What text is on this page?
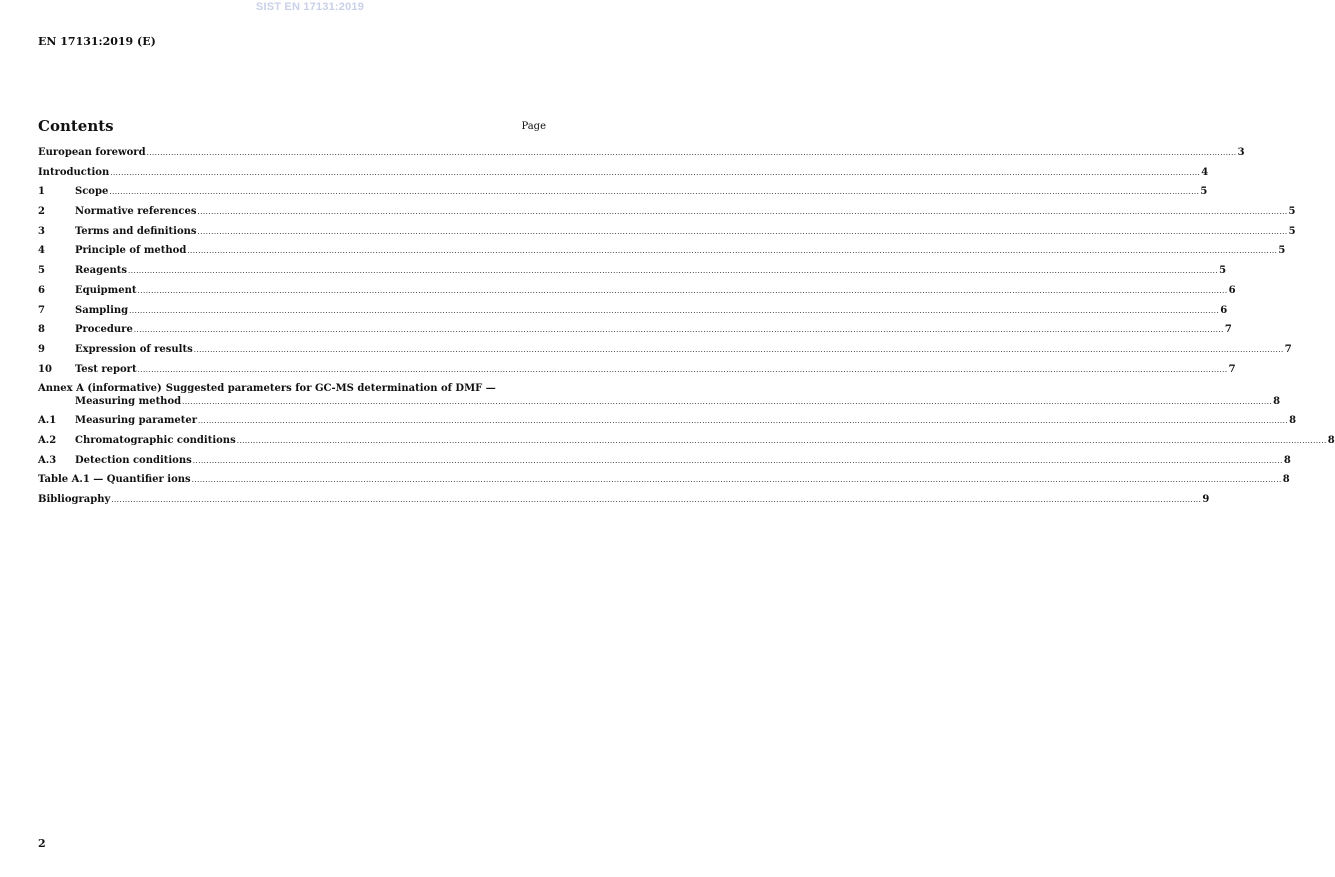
SIST EN 17131:2019
EN 17131:2019 (E)
Contents	Page
European foreword ................................................................................................................................................................................................................................................................................................................................................................................................................ 3
Introduction ................................................................................................................................................................................................................................................................................................................................................................................................................ 4
1	Scope ................................................................................................................................................................................................................................................................................................................................................................................................................ 5
2	Normative references ................................................................................................................................................................................................................................................................................................................................................................................................................ 5
3	Terms and definitions ................................................................................................................................................................................................................................................................................................................................................................................................................ 5
4	Principle of method ................................................................................................................................................................................................................................................................................................................................................................................................................ 5
5	Reagents ................................................................................................................................................................................................................................................................................................................................................................................................................ 5
6	Equipment ................................................................................................................................................................................................................................................................................................................................................................................................................ 6
7	Sampling ................................................................................................................................................................................................................................................................................................................................................................................................................ 6
8	Procedure ................................................................................................................................................................................................................................................................................................................................................................................................................ 7
9	Expression of results ................................................................................................................................................................................................................................................................................................................................................................................................................ 7
10	Test report ................................................................................................................................................................................................................................................................................................................................................................................................................ 7
Annex A (informative) Suggested parameters for GC-MS determination of DMF —
Measuring method ................................................................................................................................................................................................................................................................................................................................................................................................................ 8
A.1	Measuring parameter ................................................................................................................................................................................................................................................................................................................................................................................................................ 8
A.2	Chromatographic conditions ................................................................................................................................................................................................................................................................................................................................................................................................................ 8
A.3	Detection conditions ................................................................................................................................................................................................................................................................................................................................................................................................................ 8
Table A.1 — Quantifier ions ................................................................................................................................................................................................................................................................................................................................................................................................................ 8
Bibliography ................................................................................................................................................................................................................................................................................................................................................................................................................ 9
2
